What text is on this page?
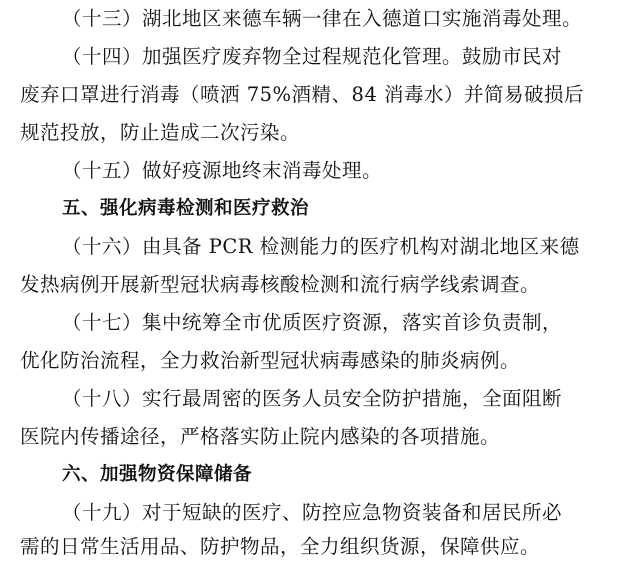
（十三）湖北地区来德车辆一律在入德道口实施消毒处理。
（十四）加强医疗废弃物全过程规范化管理。鼓励市民对
废弃口罩进行消毒（喷洒 75%酒精、84 消毒水）并简易破损后
规范投放，防止造成二次污染。
（十五）做好疫源地终末消毒处理。
五、强化病毒检测和医疗救治
（十六）由具备 PCR 检测能力的医疗机构对湖北地区来德
发热病例开展新型冠状病毒核酸检测和流行病学线索调查。
（十七）集中统筹全市优质医疗资源，落实首诊负责制，
优化防治流程，全力救治新型冠状病毒感染的肺炎病例。
（十八）实行最周密的医务人员安全防护措施，全面阻断
医院内传播途径，严格落实防止院内感染的各项措施。
六、加强物资保障储备
（十九）对于短缺的医疗、防控应急物资装备和居民所必
需的日常生活用品、防护物品，全力组织货源，保障供应。
